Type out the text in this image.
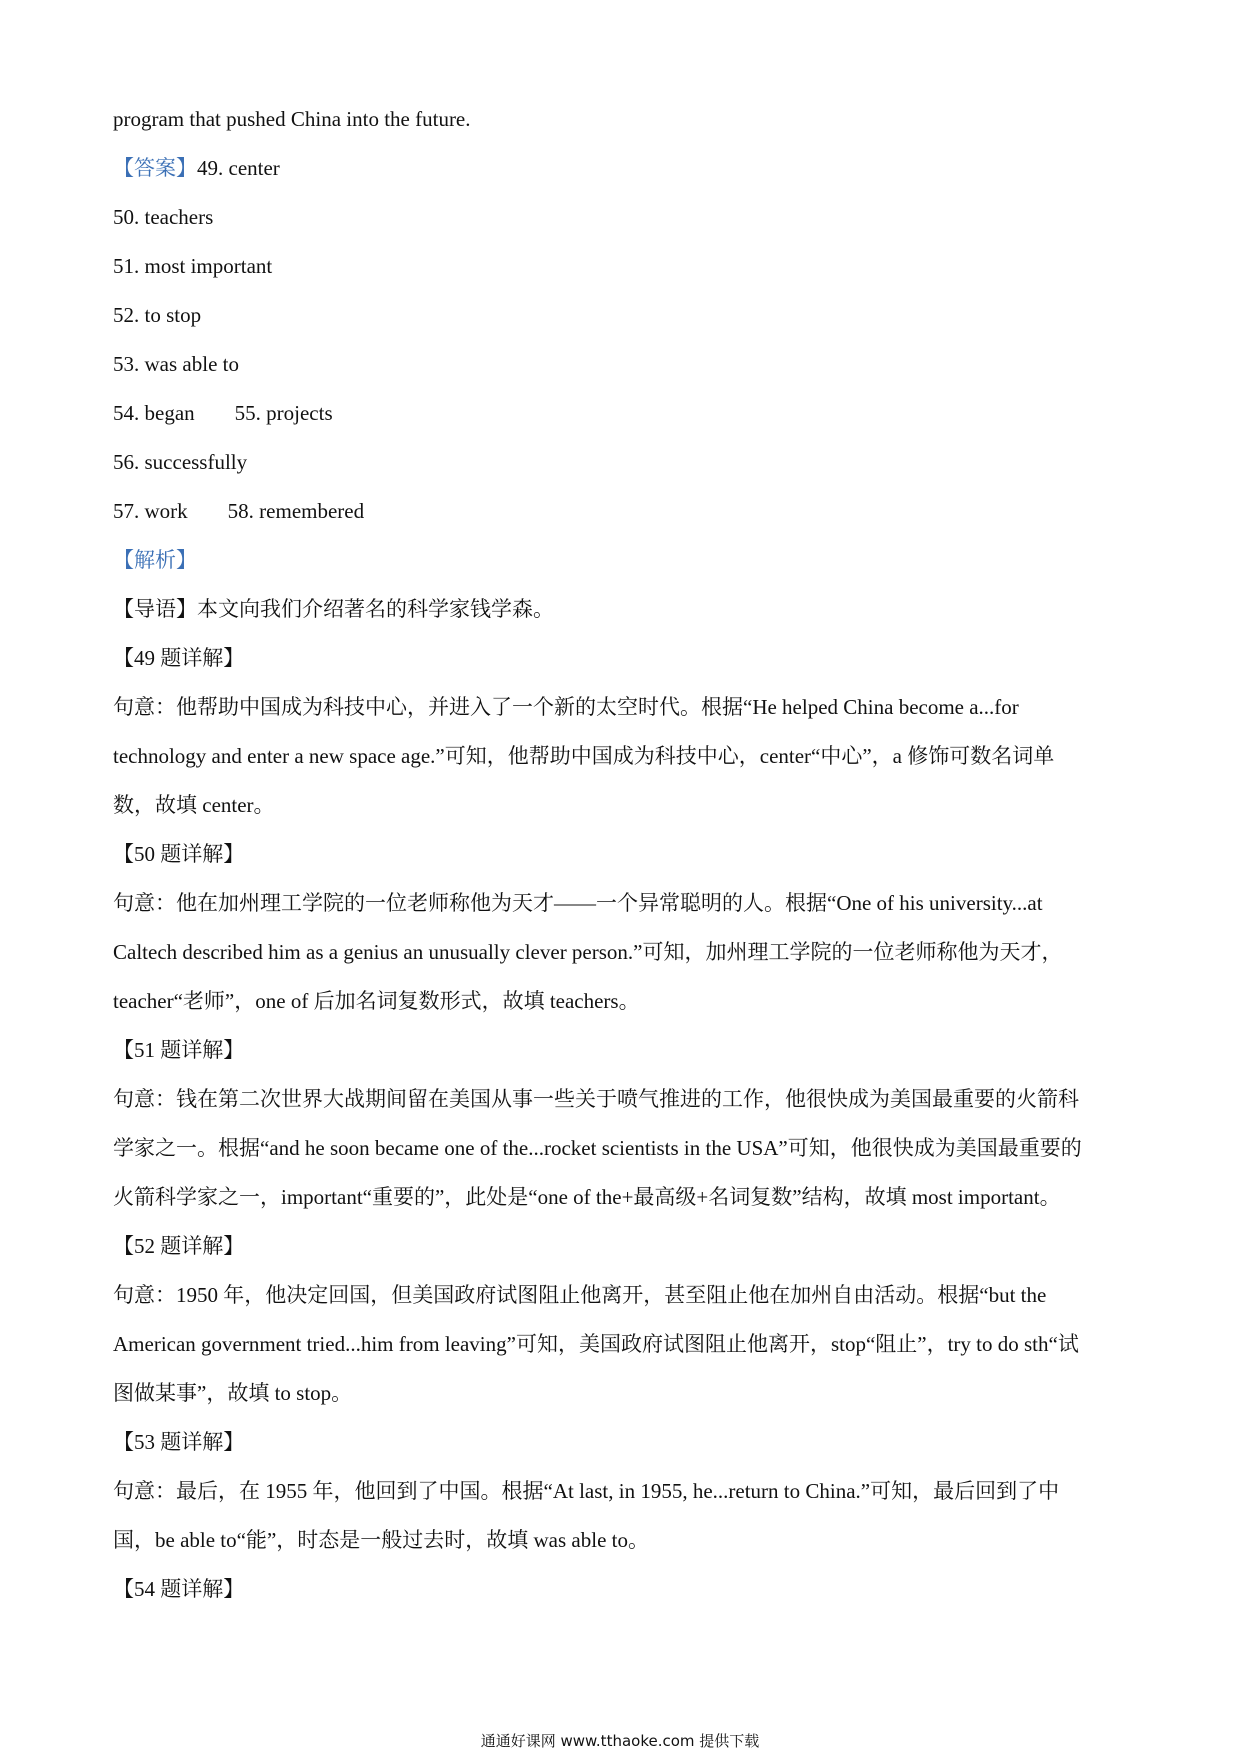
program that pushed China into the future.
【答案】49. center
50. teachers
51. most important
52. to stop
53. was able to
54. began 55. projects
56. successfully
57. work 58. remembered
【解析】
【导语】本文向我们介绍著名的科学家钱学森。
【49 题详解】
句意：他帮助中国成为科技中心，并进入了一个新的太空时代。根据“He helped China become a...for
technology and enter a new space age.”可知，他帮助中国成为科技中心，center“中心”，a 修饰可数名词单
数，故填 center。
【50 题详解】
句意：他在加州理工学院的一位老师称他为天才——一个异常聪明的人。根据“One of his university...at
Caltech described him as a genius an unusually clever person.”可知，加州理工学院的一位老师称他为天才，
teacher“老师”，one of 后加名词复数形式，故填 teachers。
【51 题详解】
句意：钱在第二次世界大战期间留在美国从事一些关于喷气推进的工作，他很快成为美国最重要的火箭科
学家之一。根据“and he soon became one of the...rocket scientists in the USA”可知，他很快成为美国最重要的
火箭科学家之一，important“重要的”，此处是“one of the+最高级+名词复数”结构，故填 most important。
【52 题详解】
句意：1950 年，他决定回国，但美国政府试图阻止他离开，甚至阻止他在加州自由活动。根据“but the
American government tried...him from leaving”可知，美国政府试图阻止他离开，stop“阻止”，try to do sth“试
图做某事”，故填 to stop。
【53 题详解】
句意：最后，在 1955 年，他回到了中国。根据“At last, in 1955, he...return to China.”可知，最后回到了中
国，be able to“能”，时态是一般过去时，故填 was able to。
【54 题详解】
通通好课网 www.tthaoke.com 提供下载
